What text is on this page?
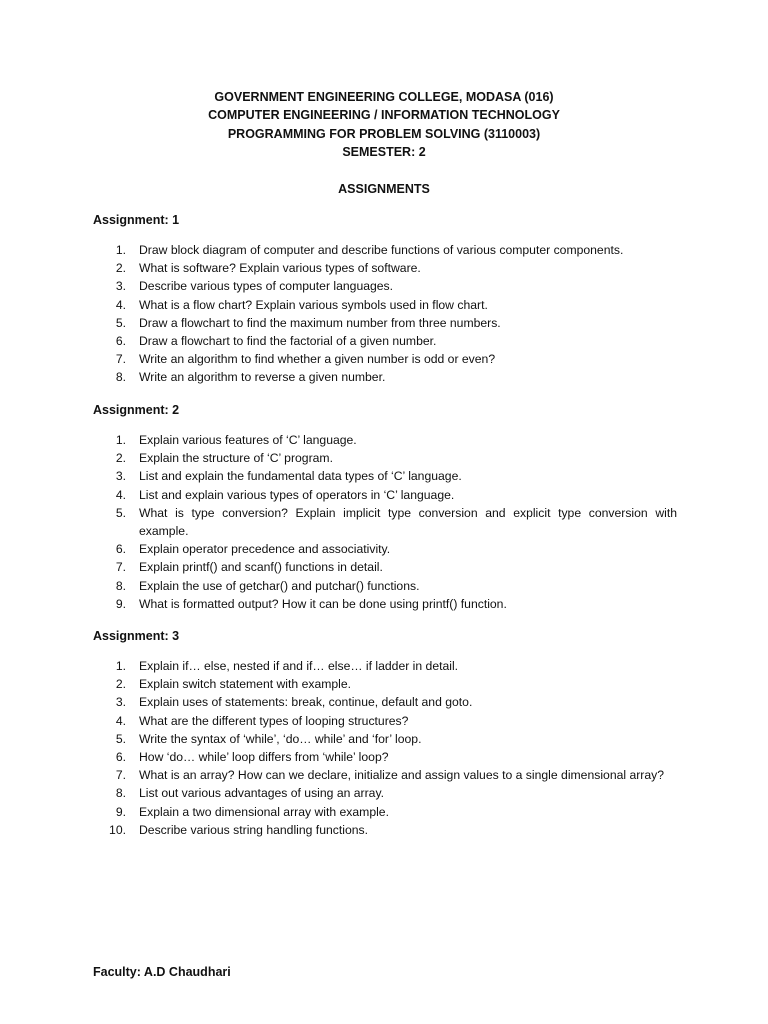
GOVERNMENT ENGINEERING COLLEGE, MODASA (016)
COMPUTER ENGINEERING / INFORMATION TECHNOLOGY
PROGRAMMING FOR PROBLEM SOLVING (3110003)
SEMESTER: 2
ASSIGNMENTS
Assignment: 1
1. Draw block diagram of computer and describe functions of various computer components.
2. What is software? Explain various types of software.
3. Describe various types of computer languages.
4. What is a flow chart? Explain various symbols used in flow chart.
5. Draw a flowchart to find the maximum number from three numbers.
6. Draw a flowchart to find the factorial of a given number.
7. Write an algorithm to find whether a given number is odd or even?
8. Write an algorithm to reverse a given number.
Assignment: 2
1. Explain various features of ‘C’ language.
2. Explain the structure of ‘C’ program.
3. List and explain the fundamental data types of ‘C’ language.
4. List and explain various types of operators in ‘C’ language.
5. What is type conversion? Explain implicit type conversion and explicit type conversion with example.
6. Explain operator precedence and associativity.
7. Explain printf() and scanf() functions in detail.
8. Explain the use of getchar() and putchar() functions.
9. What is formatted output? How it can be done using printf() function.
Assignment: 3
1. Explain if… else, nested if and if… else… if ladder in detail.
2. Explain switch statement with example.
3. Explain uses of statements: break, continue, default and goto.
4. What are the different types of looping structures?
5. Write the syntax of ‘while’, ‘do… while’ and ‘for’ loop.
6. How ‘do… while’ loop differs from ‘while’ loop?
7. What is an array? How can we declare, initialize and assign values to a single dimensional array?
8. List out various advantages of using an array.
9. Explain a two dimensional array with example.
10. Describe various string handling functions.
Faculty: A.D Chaudhari
